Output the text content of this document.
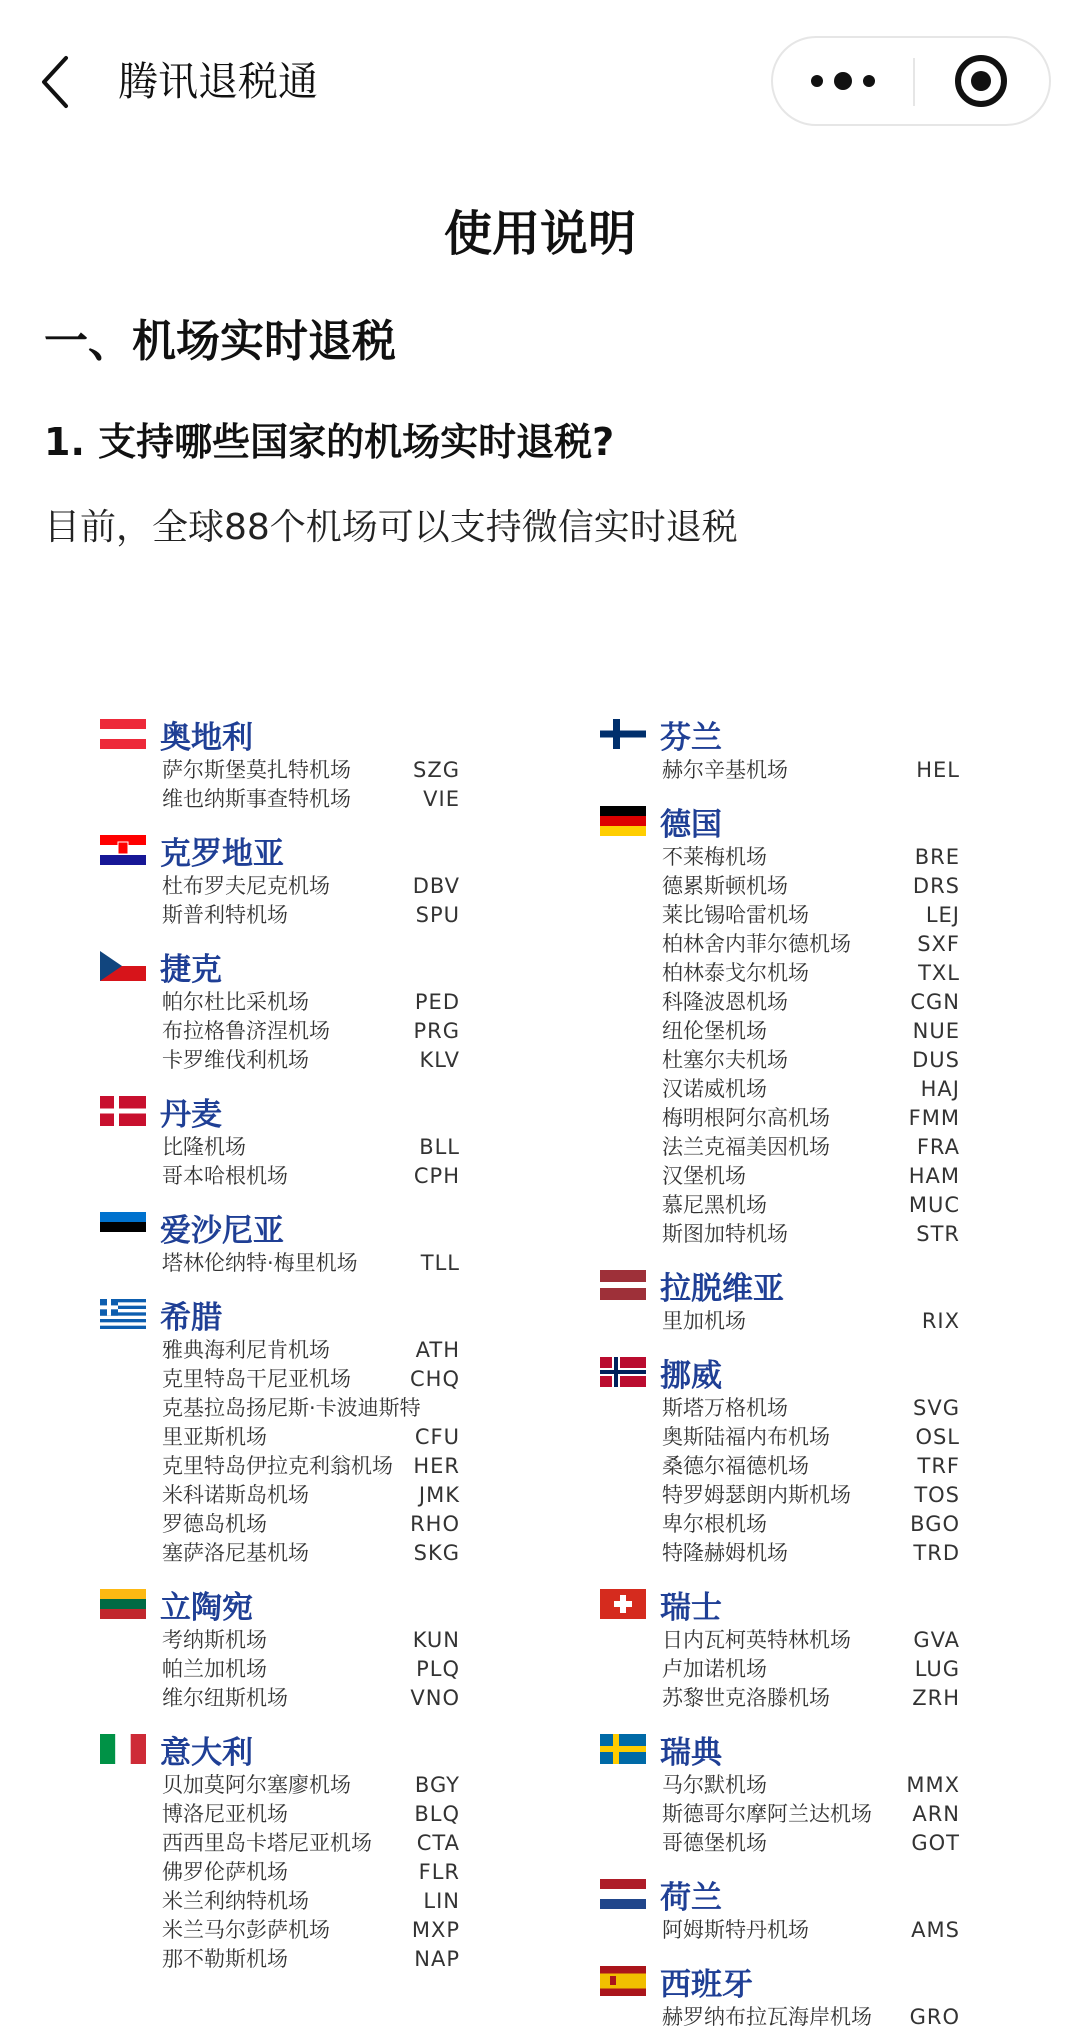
腾讯退税通
使用说明
一、机场实时退税
1. 支持哪些国家的机场实时退税?
目前，全球88个机场可以支持微信实时退税
奥地利
萨尔斯堡莫扎特机场	SZG
维也纳斯事查特机场	VIE
克罗地亚
杜布罗夫尼克机场	DBV
斯普利特机场	SPU
捷克
帕尔杜比采机场	PED
布拉格鲁济涅机场	PRG
卡罗维伐利机场	KLV
丹麦
比隆机场	BLL
哥本哈根机场	CPH
爱沙尼亚
塔林伦纳特·梅里机场	TLL
希腊
雅典海利尼肯机场	ATH
克里特岛干尼亚机场	CHQ
克基拉岛扬尼斯·卡波迪斯特
里亚斯机场	CFU
克里特岛伊拉克利翁机场 HER
米科诺斯岛机场	JMK
罗德岛机场	RHO
塞萨洛尼基机场	SKG
立陶宛
考纳斯机场	KUN
帕兰加机场	PLQ
维尔纽斯机场	VNO
意大利
贝加莫阿尔塞廖机场	BGY
博洛尼亚机场	BLQ
西西里岛卡塔尼亚机场 CTA
佛罗伦萨机场	FLR
米兰利纳特机场	LIN
米兰马尔彭萨机场	MXP
那不勒斯机场	NAP
芬兰
赫尔辛基机场	HEL
德国
不莱梅机场	BRE
德累斯顿机场	DRS
莱比锡哈雷机场	LEJ
柏林舍内菲尔德机场	SXF
柏林泰戈尔机场	TXL
科隆波恩机场	CGN
纽伦堡机场	NUE
杜塞尔夫机场	DUS
汉诺威机场	HAJ
梅明根阿尔高机场	FMM
法兰克福美因机场	FRA
汉堡机场	HAM
慕尼黑机场	MUC
斯图加特机场	STR
拉脱维亚
里加机场	RIX
挪威
斯塔万格机场	SVG
奥斯陆福内布机场	OSL
桑德尔福德机场	TRF
特罗姆瑟朗内斯机场	TOS
卑尔根机场	BGO
特隆赫姆机场	TRD
瑞士
日内瓦柯英特林机场	GVA
卢加诺机场	LUG
苏黎世克洛滕机场	ZRH
瑞典
马尔默机场	MMX
斯德哥尔摩阿兰达机场 ARN
哥德堡机场	GOT
荷兰
阿姆斯特丹机场	AMS
西班牙
赫罗纳布拉瓦海岸机场 GRO
